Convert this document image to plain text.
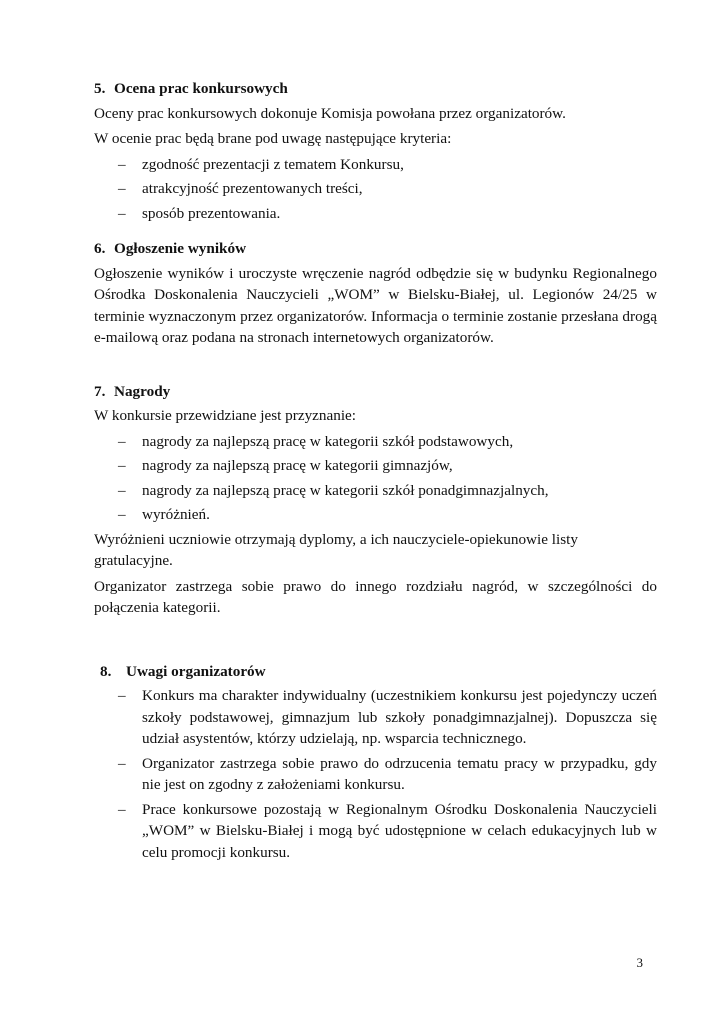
5. Ocena prac konkursowych

Oceny prac konkursowych dokonuje Komisja powołana przez organizatorów.

W ocenie prac będą brane pod uwagę następujące kryteria:

– zgodność prezentacji z tematem Konkursu,
– atrakcyjność prezentowanych treści,
– sposób prezentowania.
6. Ogłoszenie wyników

Ogłoszenie wyników i uroczyste wręczenie nagród odbędzie się w budynku Regionalnego Ośrodka Doskonalenia Nauczycieli „WOM” w Bielsku-Białej, ul. Legionów 24/25 w terminie wyznaczonym przez organizatorów. Informacja o terminie zostanie przesłana drogą e-mailową oraz podana na stronach internetowych organizatorów.

7. Nagrody

W konkursie przewidziane jest przyznanie:

– nagrody za najlepszą pracę w kategorii szkół podstawowych,
– nagrody za najlepszą pracę w kategorii gimnazjów,
– nagrody za najlepszą pracę w kategorii szkół ponadgimnazjalnych,
– wyróżnień.

Wyróżnieni uczniowie otrzymają dyplomy, a ich nauczyciele-opiekunowie listy gratulacyjne.

Organizator zastrzega sobie prawo do innego rozdziału nagród, w szczególności do połączenia kategorii.

8. Uwagi organizatorów
– Konkurs ma charakter indywidualny (uczestnikiem konkursu jest pojedynczy uczeń szkoły podstawowej, gimnazjum lub szkoły ponadgimnazjalnej). Dopuszcza się udział asystentów, którzy udzielają, np. wsparcia technicznego.
– Organizator zastrzega sobie prawo do odrzucenia tematu pracy w przypadku, gdy nie jest on zgodny z założeniami konkursu.
– Prace konkursowe pozostają w Regionalnym Ośrodku Doskonalenia Nauczycieli „WOM” w Bielsku-Białej i mogą być udostępnione w celach edukacyjnych lub w celu promocji konkursu.
3
